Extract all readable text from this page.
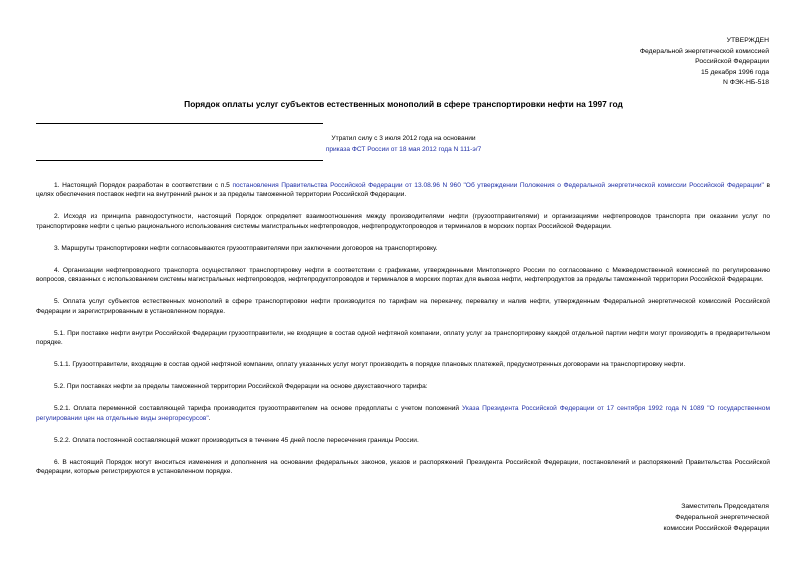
УТВЕРЖДЕН
Федеральной энергетической комиссией
Российской Федерации
15 декабря 1996 года
N ФЭК-НБ-518
Порядок оплаты услуг субъектов естественных монополий в сфере транспортировки нефти на 1997 год
Утратил силу с 3 июля 2012 года на основании
приказа ФСТ России от 18 мая 2012 года N 111-э/7

1. Настоящий Порядок разработан в соответствии с п.5 постановления Правительства Российской Федерации от 13.08.96 N 960 "Об утверждении Положения о Федеральной энергетической комиссии Российской Федерации" в целях обеспечения поставок нефти на внутренний рынок и за пределы таможенной территории Российской Федерации.

2. Исходя из принципа равнодоступности, настоящий Порядок определяет взаимоотношения между производителями нефти (грузоотправителями) и организациями нефтепроводов транспорта при оказании услуг по транспортировке нефти с целью рационального использования системы магистральных нефтепроводов, нефтепродуктопроводов и терминалов в морских портах Российской Федерации.

3. Маршруты транспортировки нефти согласовываются грузоотправителями при заключении договоров на транспортировку.

4. Организации нефтепроводного транспорта осуществляют транспортировку нефти в соответствии с графиками, утвержденными Минтопэнерго России по согласованию с Межведомственной комиссией по регулированию вопросов, связанных с использованием системы магистральных нефтепроводов, нефтепродуктопроводов и терминалов в морских портах для вывоза нефти, нефтепродуктов за пределы таможенной территории Российской Федерации.

5. Оплата услуг субъектов естественных монополий в сфере транспортировки нефти производится по тарифам на перекачку, перевалку и налив нефти, утвержденным Федеральной энергетической комиссией Российской Федерации и зарегистрированным в установленном порядке.

5.1. При поставке нефти внутри Российской Федерации грузоотправители, не входящие в состав одной нефтяной компании, оплату услуг за транспортировку каждой отдельной партии нефти могут производить в предварительном порядке.

5.1.1. Грузоотправители, входящие в состав одной нефтяной компании, оплату указанных услуг могут производить в порядке плановых платежей, предусмотренных договорами на транспортировку нефти.

5.2. При поставках нефти за пределы таможенной территории Российской Федерации на основе двухставочного тарифа:

5.2.1. Оплата переменной составляющей тарифа производится грузоотправителем на основе предоплаты с учетом положений Указа Президента Российской Федерации от 17 сентября 1992 года N 1089 "О государственном регулировании цен на отдельные виды энергоресурсов".

5.2.2. Оплата постоянной составляющей может производиться в течение 45 дней после пересечения границы России.

6. В настоящий Порядок могут вноситься изменения и дополнения на основании федеральных законов, указов и распоряжений Президента Российской Федерации, постановлений и распоряжений Правительства Российской Федерации, которые регистрируются в установленном порядке.

Заместитель Председателя
Федеральной энергетической
комиссии Российской Федерации
